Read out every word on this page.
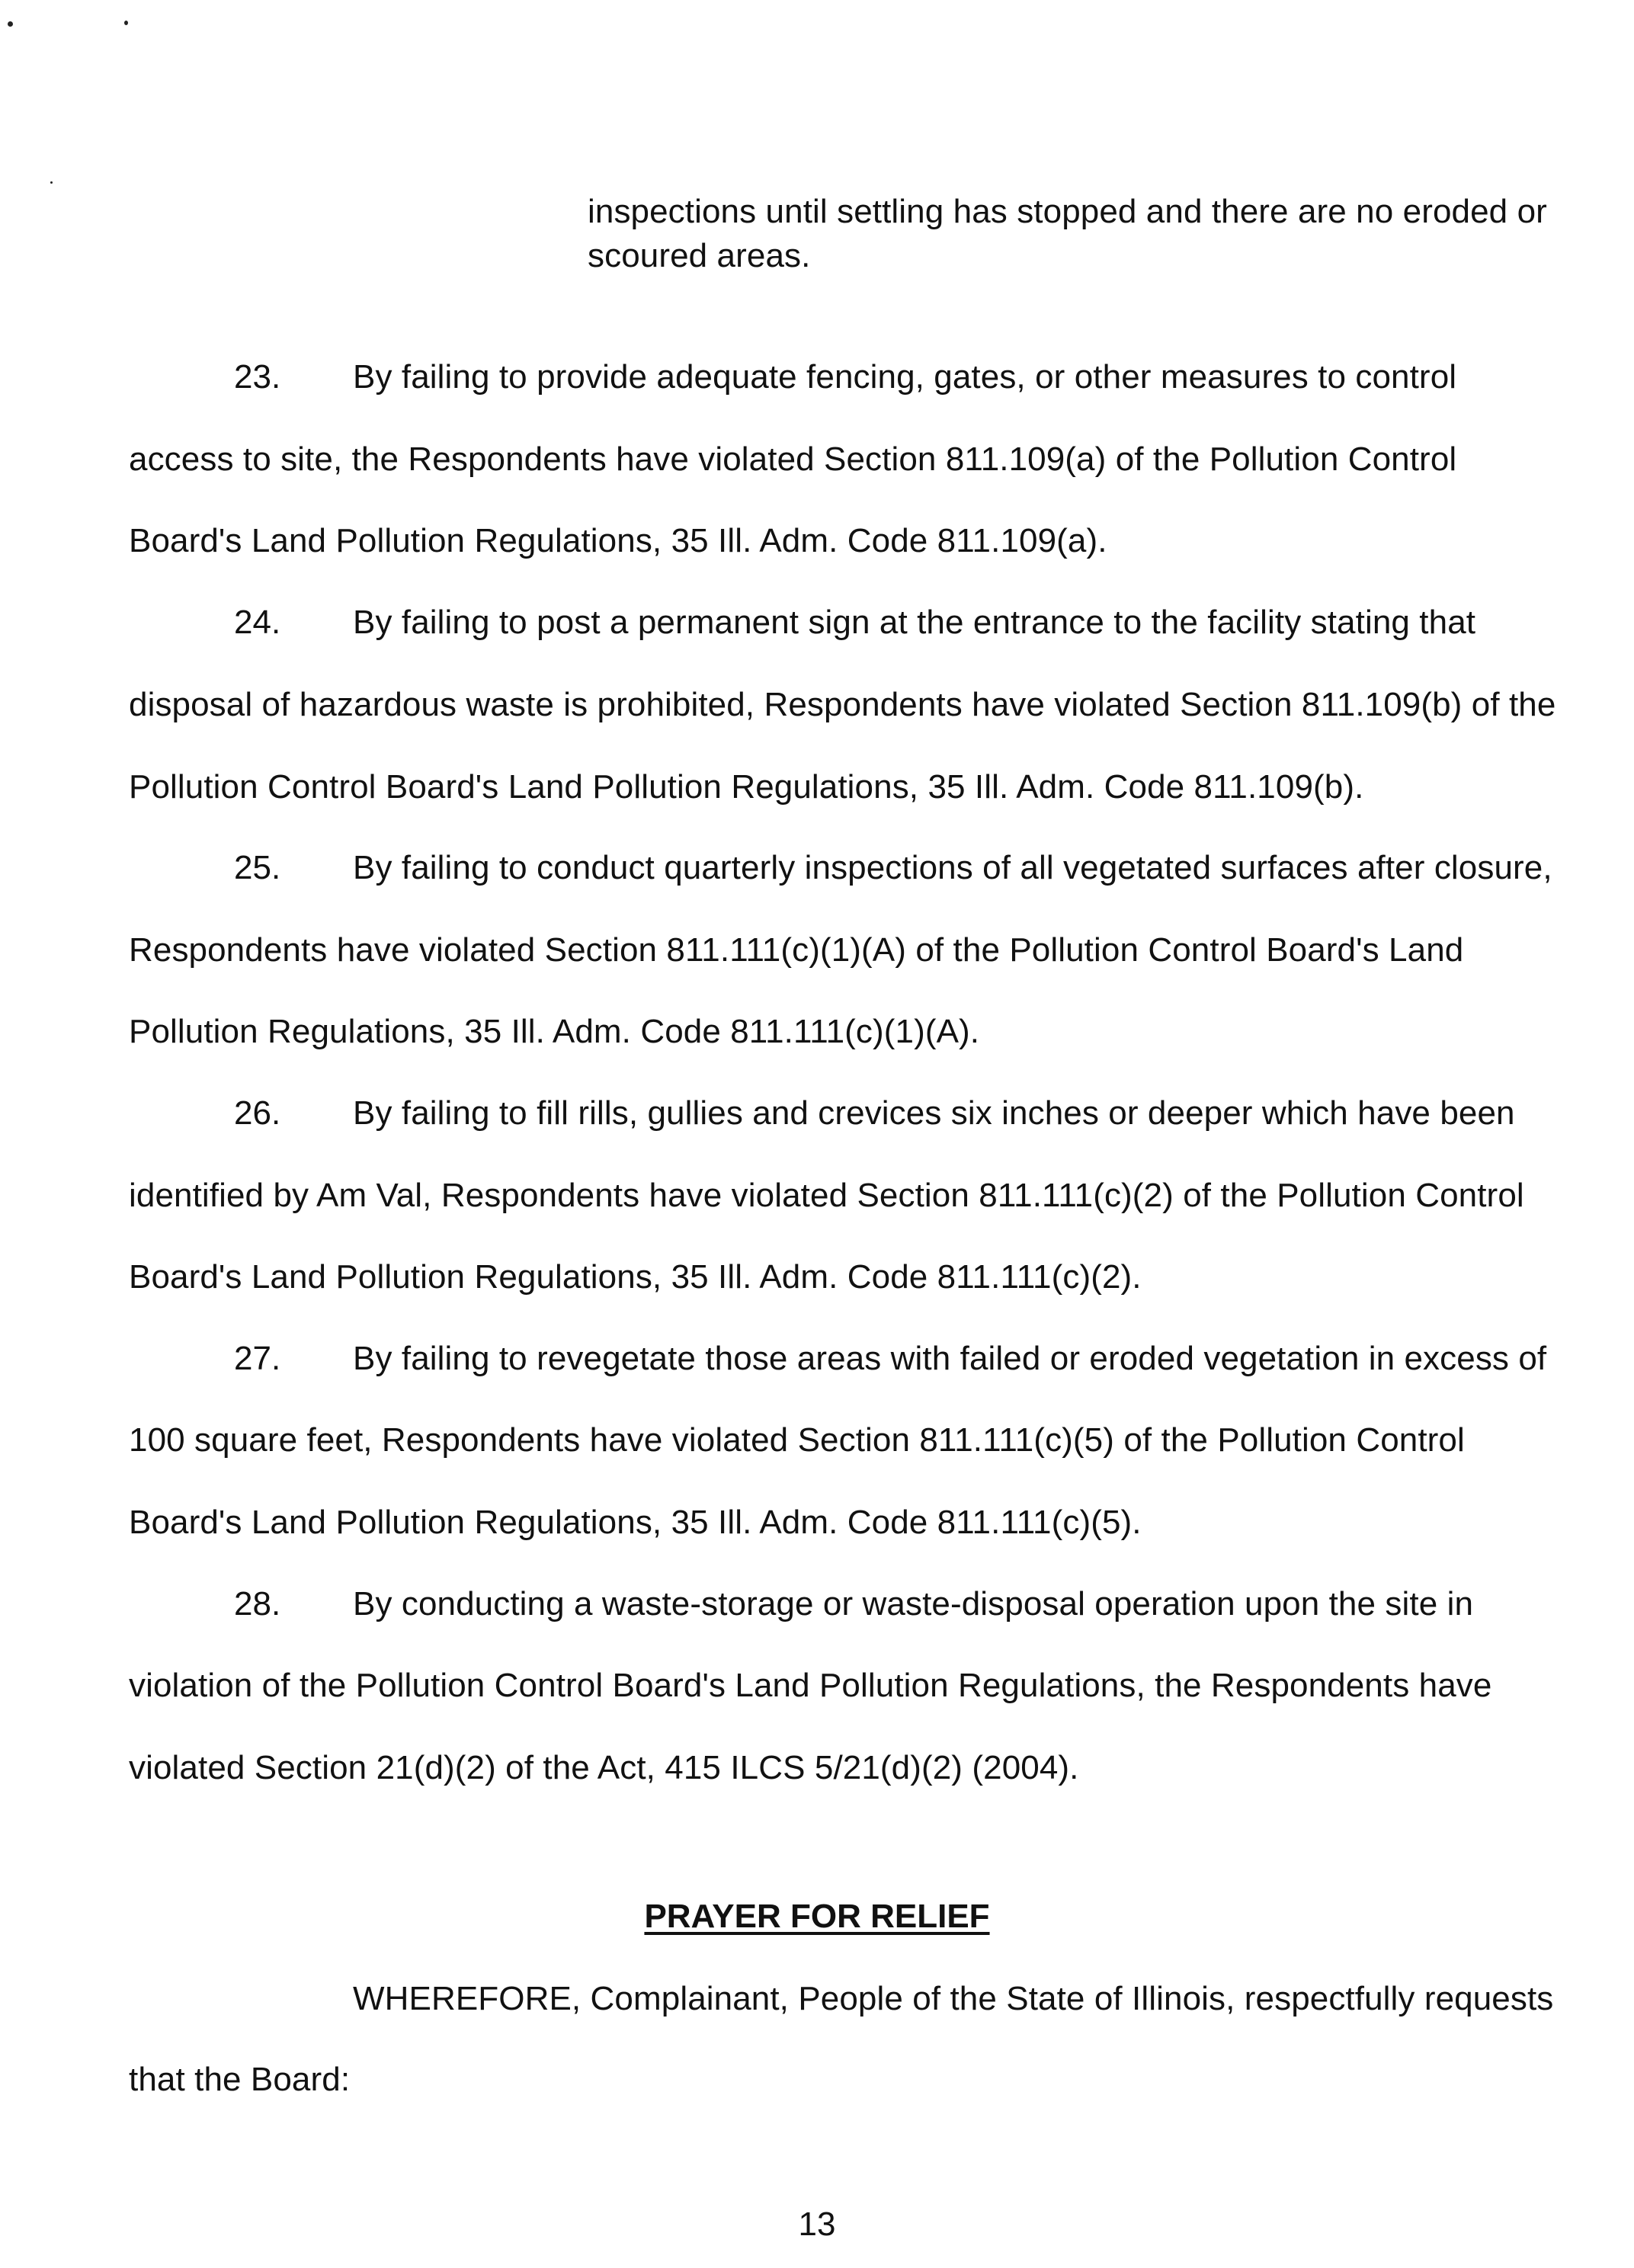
inspections until settling has stopped and there are no eroded or
scoured areas.
23. By failing to provide adequate fencing, gates, or other measures to control
access to site, the Respondents have violated Section 811.109(a) of the Pollution Control
Board's Land Pollution Regulations, 35 Ill. Adm. Code 811.109(a).
24. By failing to post a permanent sign at the entrance to the facility stating that
disposal of hazardous waste is prohibited, Respondents have violated Section 811.109(b) of the
Pollution Control Board's Land Pollution Regulations, 35 Ill. Adm. Code 811.109(b).
25. By failing to conduct quarterly inspections of all vegetated surfaces after closure,
Respondents have violated Section 811.111(c)(1)(A) of the Pollution Control Board's Land
Pollution Regulations, 35 Ill. Adm. Code 811.111(c)(1)(A).
26. By failing to fill rills, gullies and crevices six inches or deeper which have been
identified by Am Val, Respondents have violated Section 811.111(c)(2) of the Pollution Control
Board's Land Pollution Regulations, 35 Ill. Adm. Code 811.111(c)(2).
27. By failing to revegetate those areas with failed or eroded vegetation in excess of
100 square feet, Respondents have violated Section 811.111(c)(5) of the Pollution Control
Board's Land Pollution Regulations, 35 Ill. Adm. Code 811.111(c)(5).
28. By conducting a waste-storage or waste-disposal operation upon the site in
violation of the Pollution Control Board's Land Pollution Regulations, the Respondents have
violated Section 21(d)(2) of the Act, 415 ILCS 5/21(d)(2) (2004).
PRAYER FOR RELIEF
WHEREFORE, Complainant, People of the State of Illinois, respectfully requests
that the Board:
13
